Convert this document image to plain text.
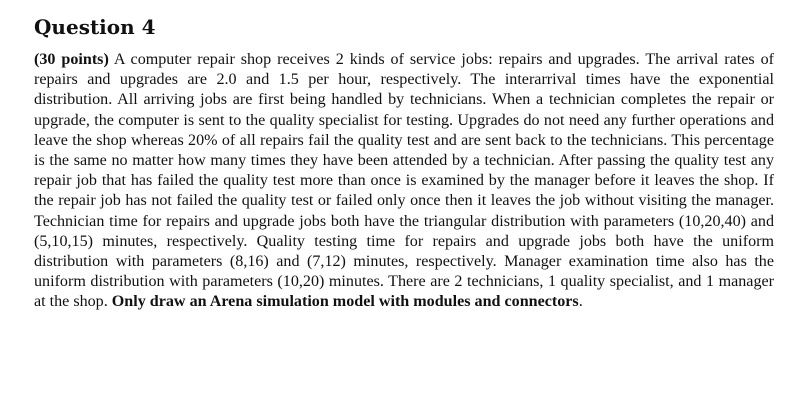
Question 4

(30 points) A computer repair shop receives 2 kinds of service jobs: repairs and upgrades. The arrival rates of repairs and upgrades are 2.0 and 1.5 per hour, respectively. The interarrival times have the exponential distribution. All arriving jobs are first being handled by technicians. When a technician completes the repair or upgrade, the computer is sent to the quality specialist for testing. Upgrades do not need any further operations and leave the shop whereas 20% of all repairs fail the quality test and are sent back to the technicians. This percentage is the same no matter how many times they have been attended by a technician. After passing the quality test any repair job that has failed the quality test more than once is examined by the manager before it leaves the shop. If the repair job has not failed the quality test or failed only once then it leaves the job without visiting the manager. Technician time for repairs and upgrade jobs both have the triangular distribution with parameters (10,20,40) and (5,10,15) minutes, respectively. Quality testing time for repairs and upgrade jobs both have the uniform distribution with parameters (8,16) and (7,12) minutes, respectively. Manager examination time also has the uniform distribution with parameters (10,20) minutes. There are 2 technicians, 1 quality specialist, and 1 manager at the shop. Only draw an Arena simulation model with modules and connectors.
